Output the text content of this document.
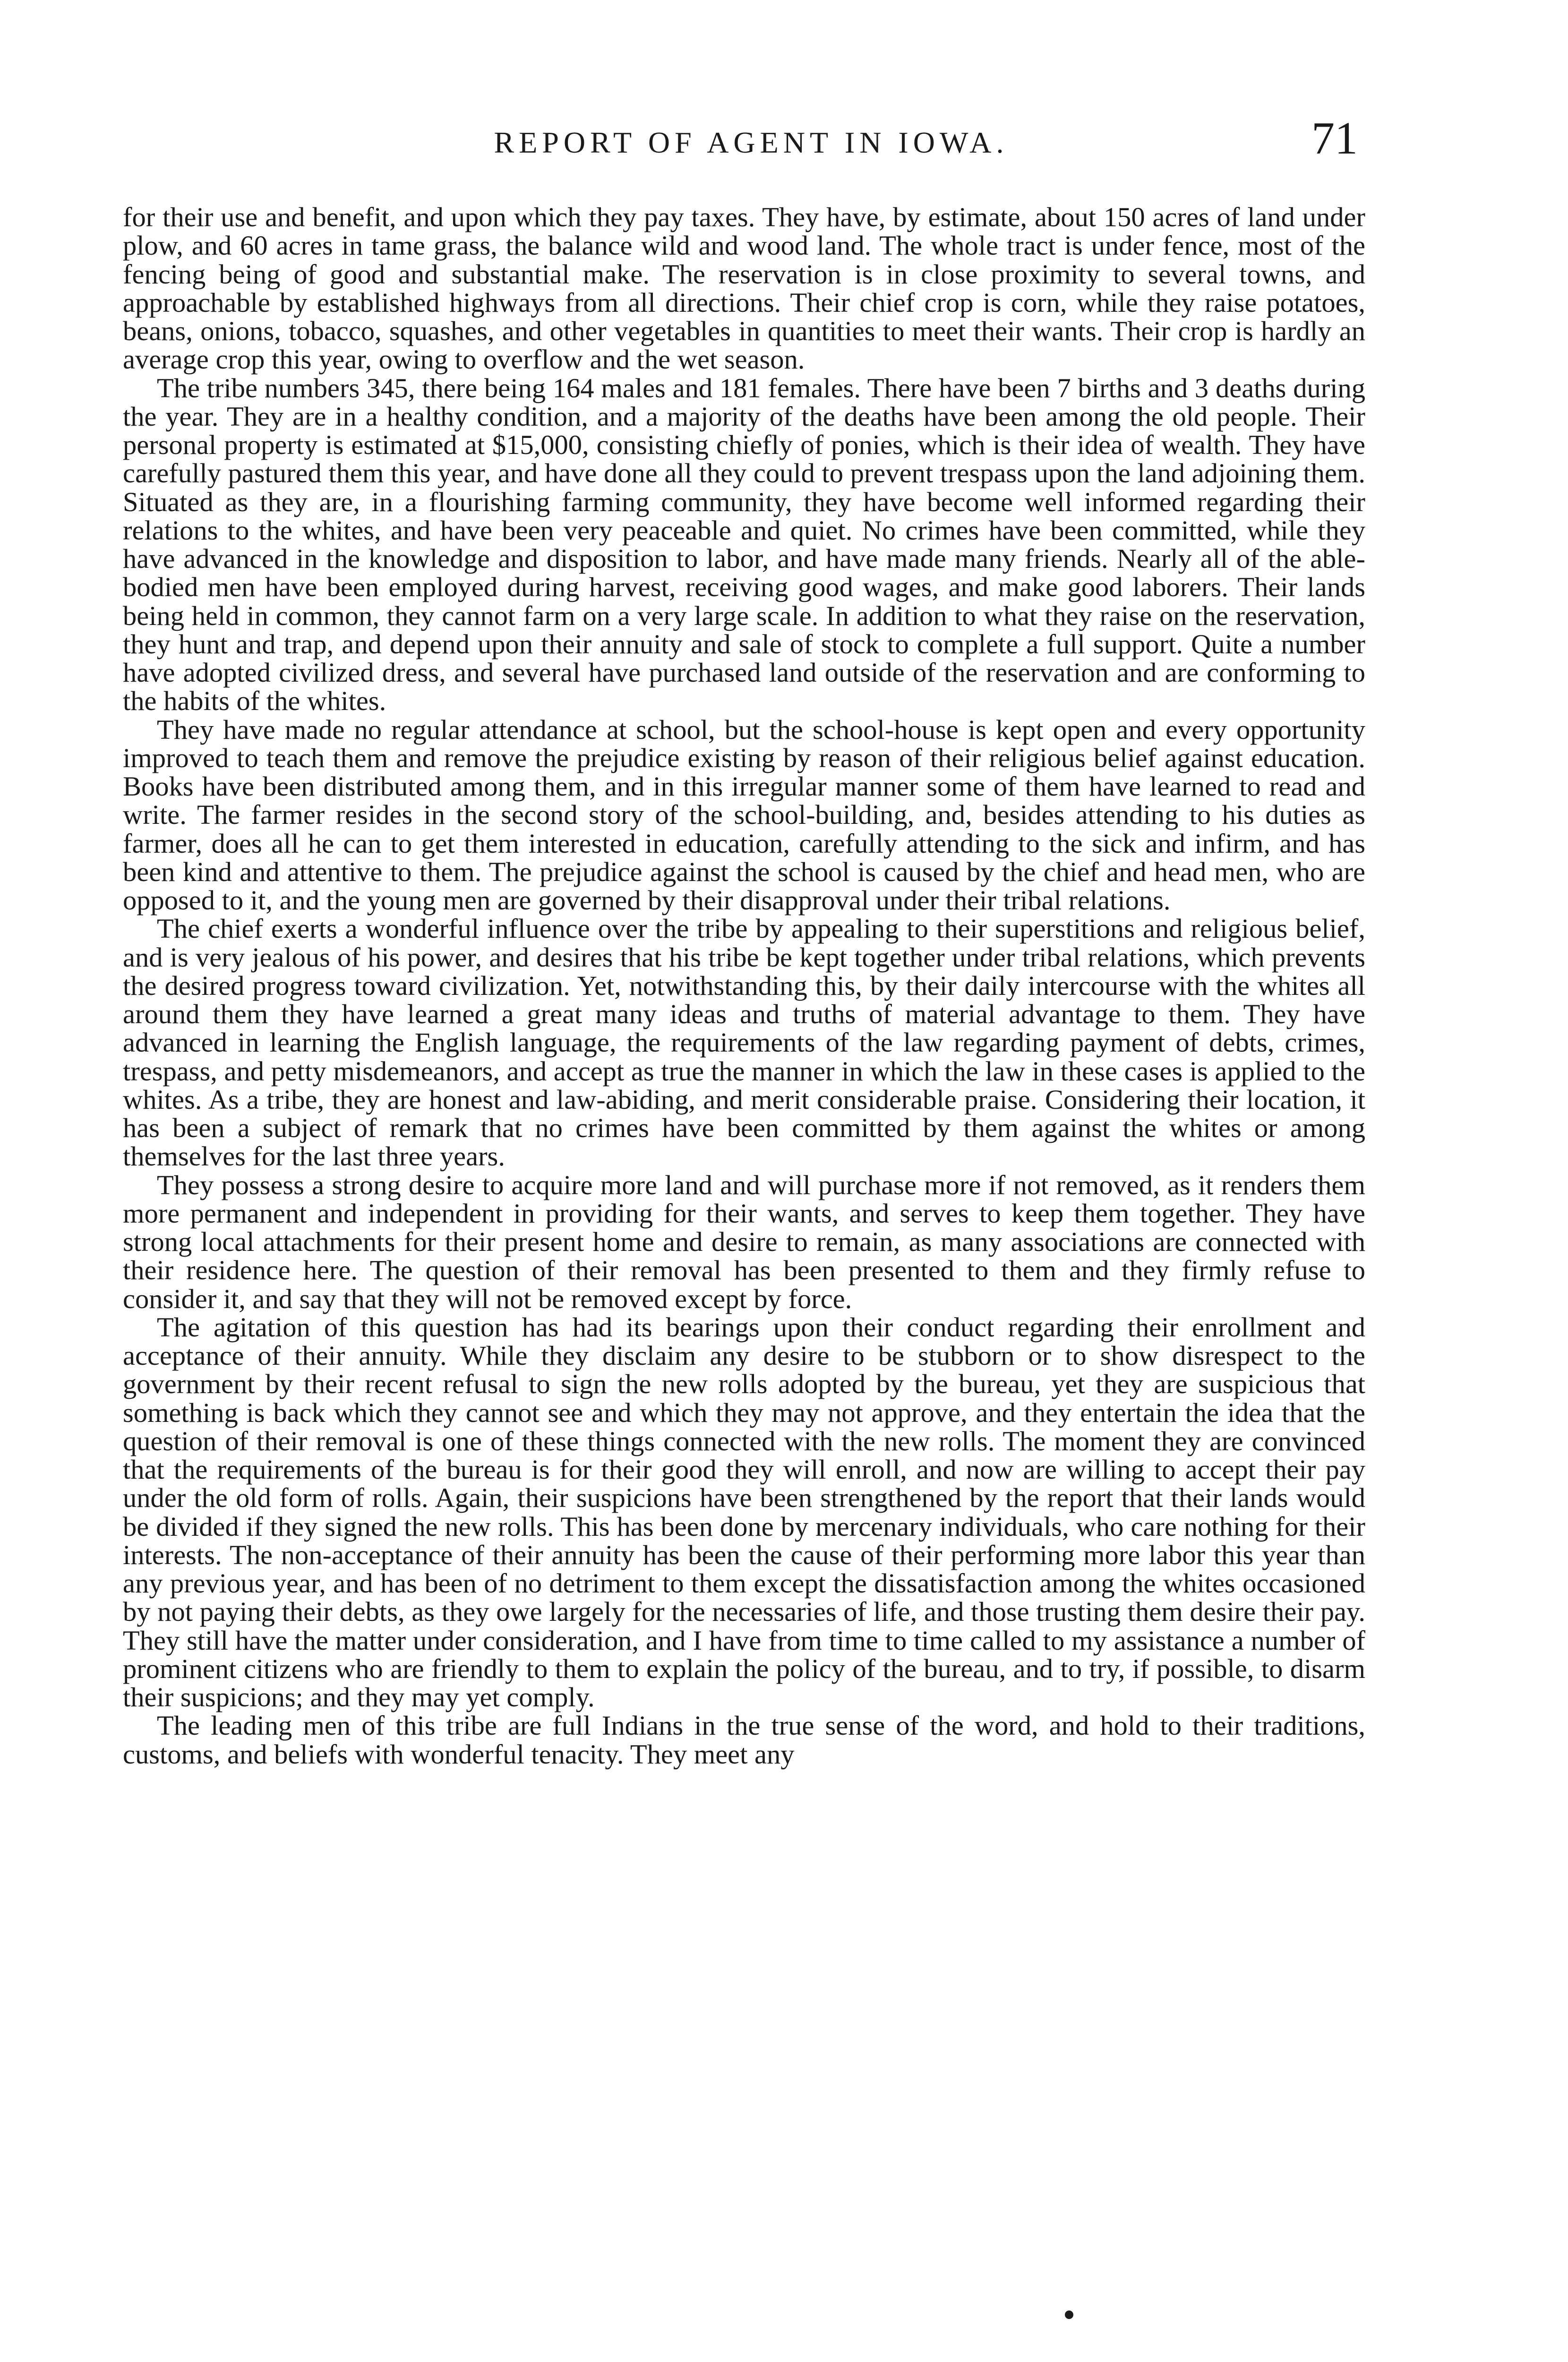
REPORT OF AGENT IN IOWA.	71

for their use and benefit, and upon which they pay taxes. They have, by estimate, about 150 acres of land under plow, and 60 acres in tame grass, the balance wild and wood land. The whole tract is under fence, most of the fencing being of good and substantial make. The reservation is in close proximity to several towns, and approachable by established highways from all directions. Their chief crop is corn, while they raise potatoes, beans, onions, tobacco, squashes, and other vegetables in quantities to meet their wants. Their crop is hardly an average crop this year, owing to overflow and the wet season.

The tribe numbers 345, there being 164 males and 181 females. There have been 7 births and 3 deaths during the year. They are in a healthy condition, and a majority of the deaths have been among the old people. Their personal property is estimated at $15,000, consisting chiefly of ponies, which is their idea of wealth. They have carefully pastured them this year, and have done all they could to prevent trespass upon the land adjoining them. Situated as they are, in a flourishing farming community, they have become well informed regarding their relations to the whites, and have been very peaceable and quiet. No crimes have been committed, while they have advanced in the knowledge and disposition to labor, and have made many friends. Nearly all of the able-bodied men have been employed during harvest, receiving good wages, and make good laborers. Their lands being held in common, they cannot farm on a very large scale. In addition to what they raise on the reservation, they hunt and trap, and depend upon their annuity and sale of stock to complete a full support. Quite a number have adopted civilized dress, and several have purchased land outside of the reservation and are conforming to the habits of the whites.

They have made no regular attendance at school, but the school-house is kept open and every opportunity improved to teach them and remove the prejudice existing by reason of their religious belief against education. Books have been distributed among them, and in this irregular manner some of them have learned to read and write. The farmer resides in the second story of the school-building, and, besides attending to his duties as farmer, does all he can to get them interested in education, carefully attending to the sick and infirm, and has been kind and attentive to them. The prejudice against the school is caused by the chief and head men, who are opposed to it, and the young men are governed by their disapproval under their tribal relations.

The chief exerts a wonderful influence over the tribe by appealing to their superstitions and religious belief, and is very jealous of his power, and desires that his tribe be kept together under tribal relations, which prevents the desired progress toward civilization. Yet, notwithstanding this, by their daily intercourse with the whites all around them they have learned a great many ideas and truths of material advantage to them. They have advanced in learning the English language, the requirements of the law regarding payment of debts, crimes, trespass, and petty misdemeanors, and accept as true the manner in which the law in these cases is applied to the whites. As a tribe, they are honest and law-abiding, and merit considerable praise. Considering their location, it has been a subject of remark that no crimes have been committed by them against the whites or among themselves for the last three years.

They possess a strong desire to acquire more land and will purchase more if not removed, as it renders them more permanent and independent in providing for their wants, and serves to keep them together. They have strong local attachments for their present home and desire to remain, as many associations are connected with their residence here. The question of their removal has been presented to them and they firmly refuse to consider it, and say that they will not be removed except by force.

The agitation of this question has had its bearings upon their conduct regarding their enrollment and acceptance of their annuity. While they disclaim any desire to be stubborn or to show disrespect to the government by their recent refusal to sign the new rolls adopted by the bureau, yet they are suspicious that something is back which they cannot see and which they may not approve, and they entertain the idea that the question of their removal is one of these things connected with the new rolls. The moment they are convinced that the requirements of the bureau is for their good they will enroll, and now are willing to accept their pay under the old form of rolls. Again, their suspicions have been strengthened by the report that their lands would be divided if they signed the new rolls. This has been done by mercenary individuals, who care nothing for their interests. The non-acceptance of their annuity has been the cause of their performing more labor this year than any previous year, and has been of no detriment to them except the dissatisfaction among the whites occasioned by not paying their debts, as they owe largely for the necessaries of life, and those trusting them desire their pay. They still have the matter under consideration, and I have from time to time called to my assistance a number of prominent citizens who are friendly to them to explain the policy of the bureau, and to try, if possible, to disarm their suspicions; and they may yet comply.

The leading men of this tribe are full Indians in the true sense of the word, and hold to their traditions, customs, and beliefs with wonderful tenacity. They meet any
